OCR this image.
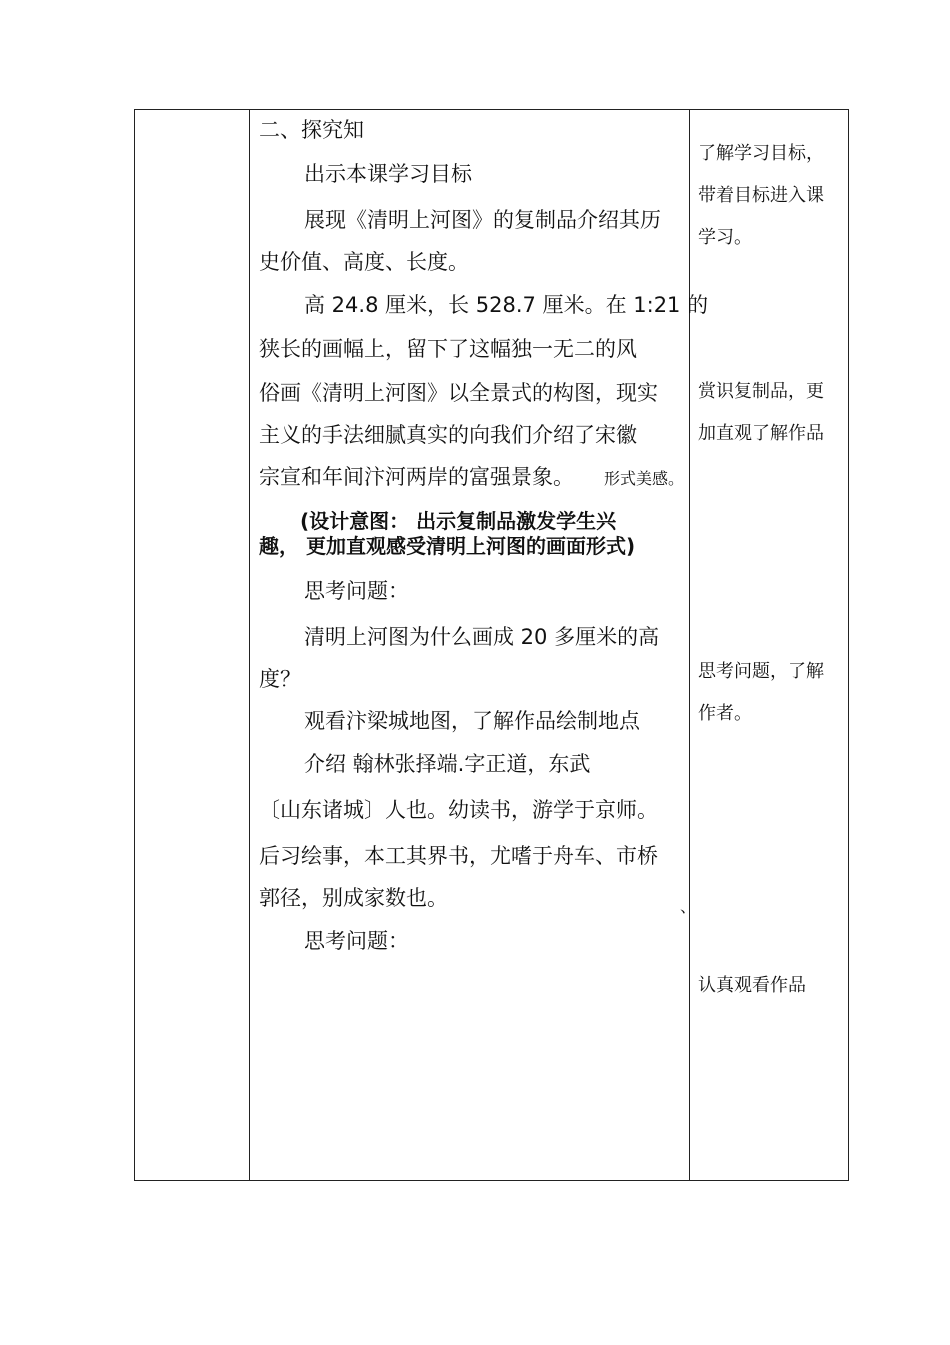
二、探究知
出示本课学习目标
展现《清明上河图》的复制品介绍其历
史价值、高度、长度。
高 24.8 厘米，长 528.7 厘米。在 1:21 的
狭长的画幅上，留下了这幅独一无二的风
俗画《清明上河图》以全景式的构图，现实
主义的手法细腻真实的向我们介绍了宋徽
宗宣和年间汴河两岸的富强景象。 形式美感。
(设计意图： 出示复制品激发学生兴
趣， 更加直观感受清明上河图的画面形式)
思考问题：
清明上河图为什么画成 20 多厘米的高
度？
观看汴梁城地图，了解作品绘制地点
介绍 翰林张择端.字正道，东武
〔山东诸城〕人也。幼读书，游学于京师。
后习绘事，本工其界书，尤嗜于舟车、市桥
郭径，别成家数也。	、
思考问题：
了解学习目标，
带着目标进入课
学习。
赏识复制品，更
加直观了解作品
思考问题，了解
作者。
认真观看作品
